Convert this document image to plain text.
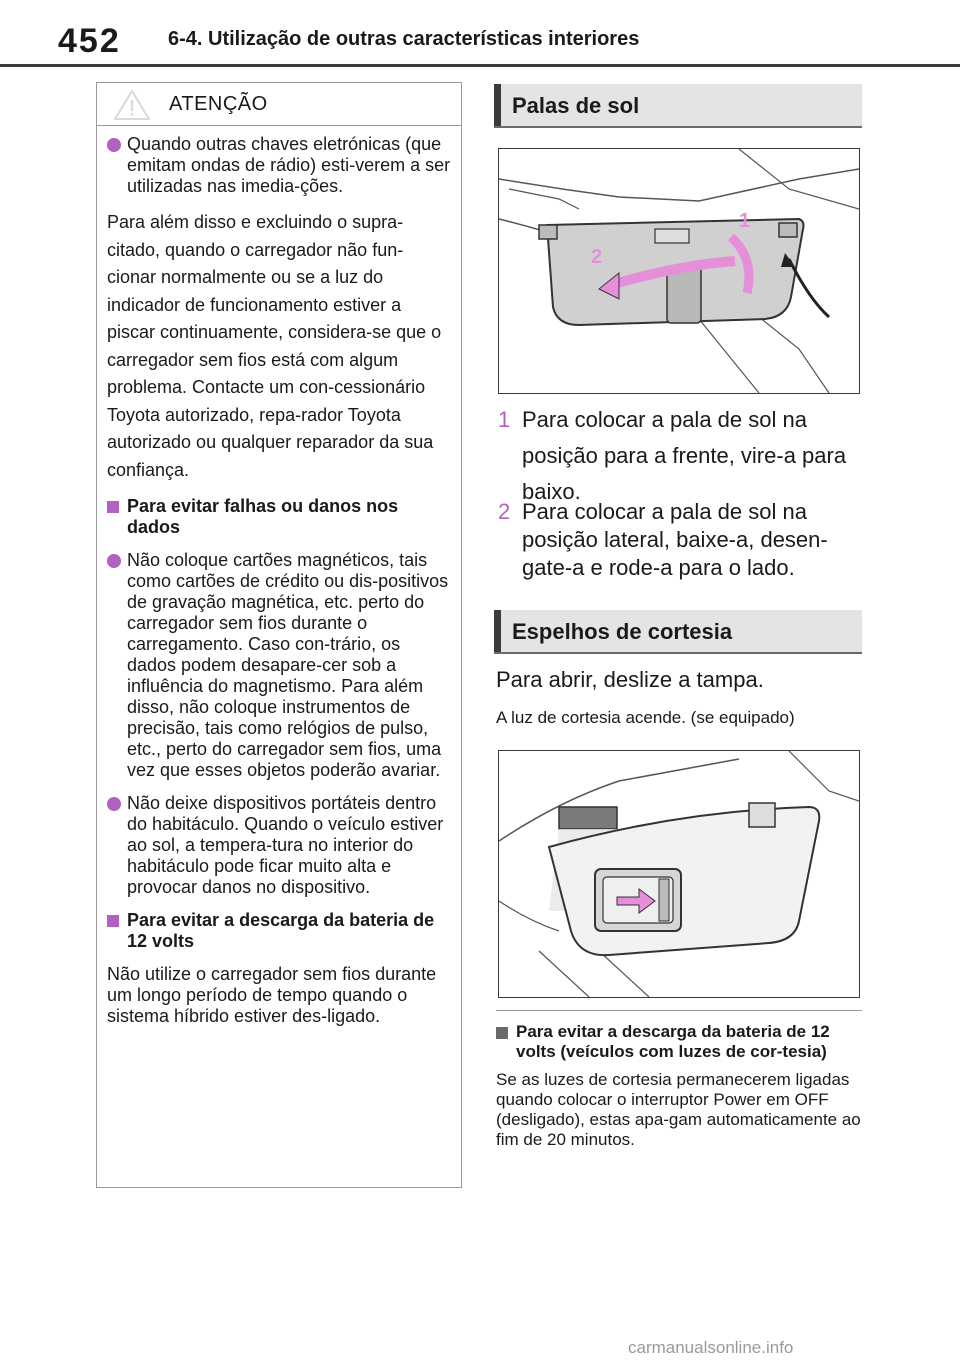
452 6-4. Utilização de outras características interiores
ATENÇÃO
Quando outras chaves eletrónicas (que emitam ondas de rádio) esti-verem a ser utilizadas nas imedia-ções.
Para além disso e excluindo o supra-citado, quando o carregador não fun-cionar normalmente ou se a luz do indicador de funcionamento estiver a piscar continuamente, considera-se que o carregador sem fios está com algum problema. Contacte um con-cessionário Toyota autorizado, repa-rador Toyota autorizado ou qualquer reparador da sua confiança.
Para evitar falhas ou danos nos dados
Não coloque cartões magnéticos, tais como cartões de crédito ou dis-positivos de gravação magnética, etc. perto do carregador sem fios durante o carregamento. Caso con-trário, os dados podem desapare-cer sob a influência do magnetismo. Para além disso, não coloque instrumentos de precisão, tais como relógios de pulso, etc., perto do carregador sem fios, uma vez que esses objetos poderão avariar.
Não deixe dispositivos portáteis dentro do habitáculo. Quando o veículo estiver ao sol, a tempera-tura no interior do habitáculo pode ficar muito alta e provocar danos no dispositivo.
Para evitar a descarga da bateria de 12 volts
Não utilize o carregador sem fios durante um longo período de tempo quando o sistema híbrido estiver des-ligado.
Palas de sol
1
2
1 Para colocar a pala de sol na posição para a frente, vire-a para baixo.
2 Para colocar a pala de sol na posição lateral, baixe-a, desen-gate-a e rode-a para o lado.
Espelhos de cortesia
Para abrir, deslize a tampa.
A luz de cortesia acende. (se equipado)
Para evitar a descarga da bateria de 12 volts (veículos com luzes de cor-tesia)
Se as luzes de cortesia permanecerem ligadas quando colocar o interruptor Power em OFF (desligado), estas apa-gam automaticamente ao fim de 20 minutos.
carmanualsonline.info
